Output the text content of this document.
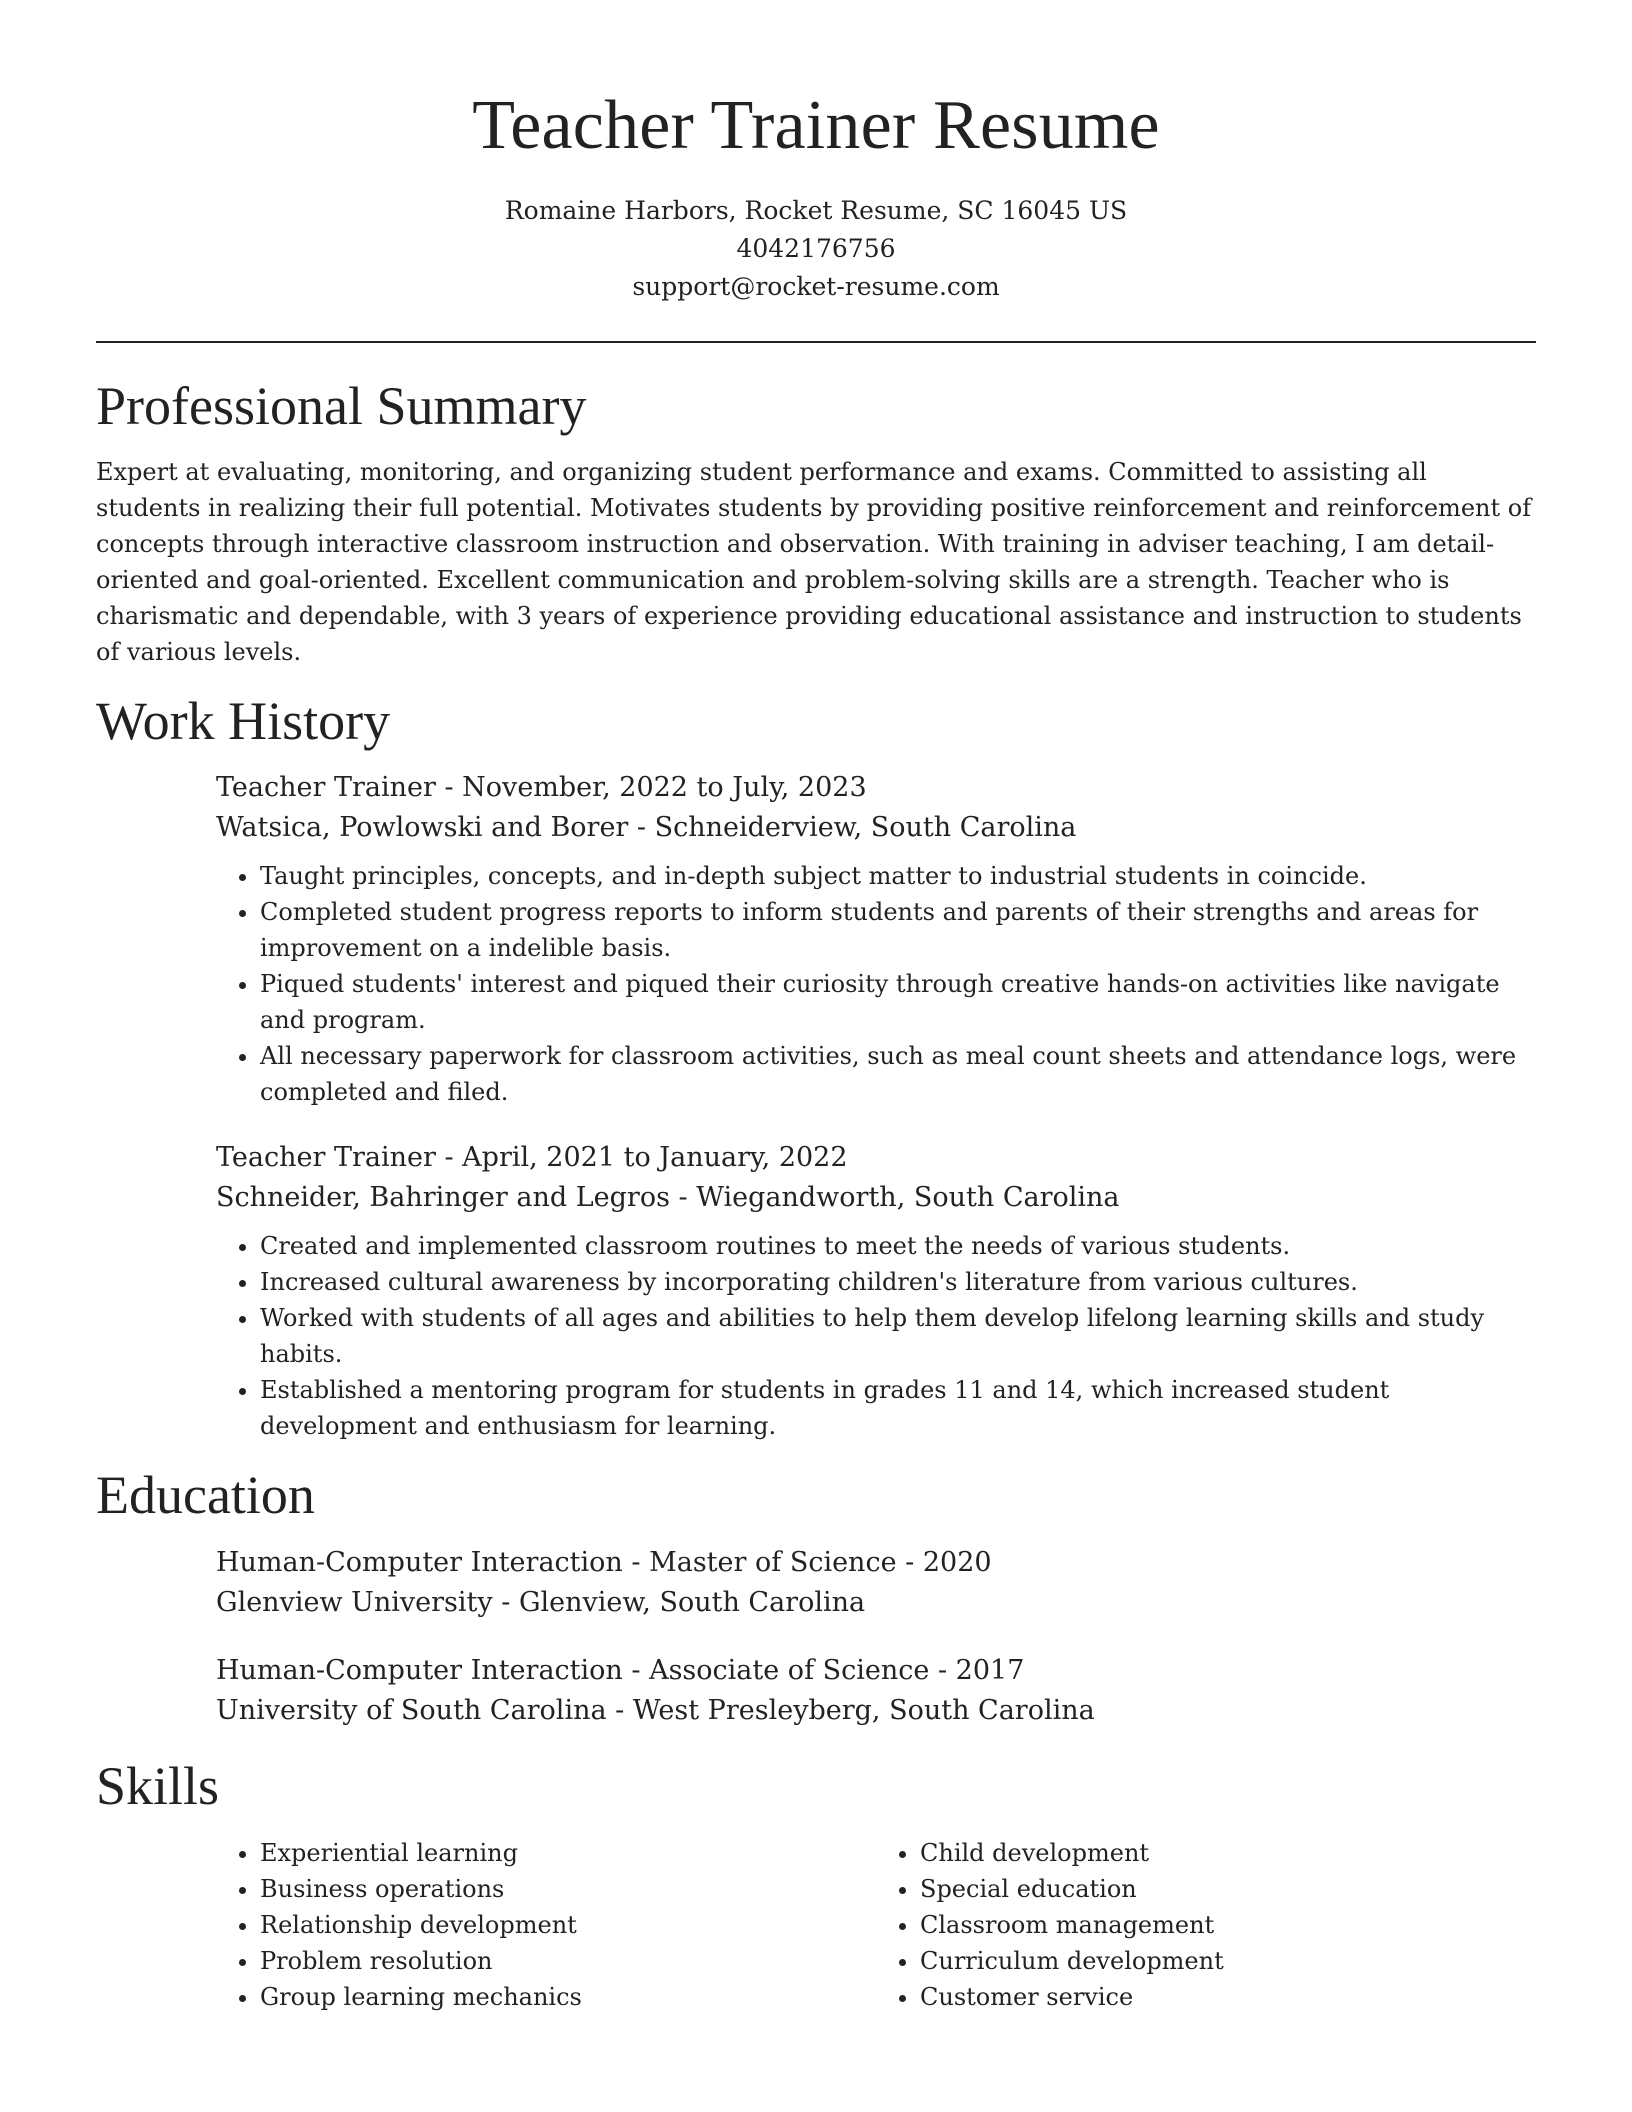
Teacher Trainer Resume
Romaine Harbors, Rocket Resume, SC 16045 US
4042176756
support@rocket-resume.com
Professional Summary

Expert at evaluating, monitoring, and organizing student performance and exams. Committed to assisting all students in realizing their full potential. Motivates students by providing positive reinforcement and reinforcement of concepts through interactive classroom instruction and observation. With training in adviser teaching, I am detail-oriented and goal-oriented. Excellent communication and problem-solving skills are a strength. Teacher who is charismatic and dependable, with 3 years of experience providing educational assistance and instruction to students of various levels.

Work History
Teacher Trainer - November, 2022 to July, 2023
Watsica, Powlowski and Borer - Schneiderview, South Carolina
• Taught principles, concepts, and in-depth subject matter to industrial students in coincide.
• Completed student progress reports to inform students and parents of their strengths and areas for improvement on a indelible basis.
• Piqued students' interest and piqued their curiosity through creative hands-on activities like navigate and program.
• All necessary paperwork for classroom activities, such as meal count sheets and attendance logs, were completed and filed.
Teacher Trainer - April, 2021 to January, 2022
Schneider, Bahringer and Legros - Wiegandworth, South Carolina
• Created and implemented classroom routines to meet the needs of various students.
• Increased cultural awareness by incorporating children's literature from various cultures.
• Worked with students of all ages and abilities to help them develop lifelong learning skills and study habits.
• Established a mentoring program for students in grades 11 and 14, which increased student development and enthusiasm for learning.
Education
Human-Computer Interaction - Master of Science - 2020
Glenview University - Glenview, South Carolina
Human-Computer Interaction - Associate of Science - 2017
University of South Carolina - West Presleyberg, South Carolina
Skills
• Experiential learning
• Business operations
• Relationship development
• Problem resolution
• Group learning mechanics
• Child development
• Special education
• Classroom management
• Curriculum development
• Customer service
